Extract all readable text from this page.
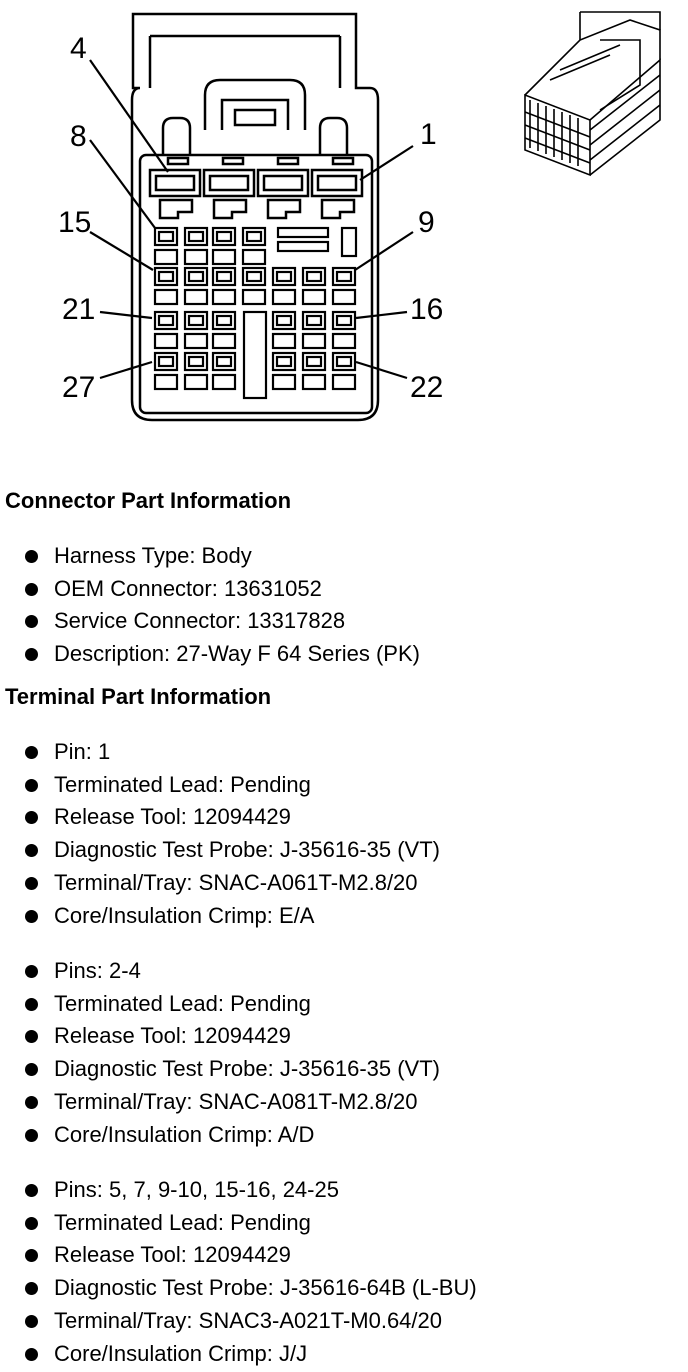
4
1
8
15	9
21	16
27	22
Connector Part Information
Harness Type: Body
OEM Connector: 13631052
Service Connector: 13317828
Description: 27-Way F 64 Series (PK)
Terminal Part Information
Pin: 1
Terminated Lead: Pending
Release Tool: 12094429
Diagnostic Test Probe: J-35616-35 (VT)
Terminal/Tray: SNAC-A061T-M2.8/20
Core/Insulation Crimp: E/A
Pins: 2-4
Terminated Lead: Pending
Release Tool: 12094429
Diagnostic Test Probe: J-35616-35 (VT)
Terminal/Tray: SNAC-A081T-M2.8/20
Core/Insulation Crimp: A/D
Pins: 5, 7, 9-10, 15-16, 24-25
Terminated Lead: Pending
Release Tool: 12094429
Diagnostic Test Probe: J-35616-64B (L-BU)
Terminal/Tray: SNAC3-A021T-M0.64/20
Core/Insulation Crimp: J/J
